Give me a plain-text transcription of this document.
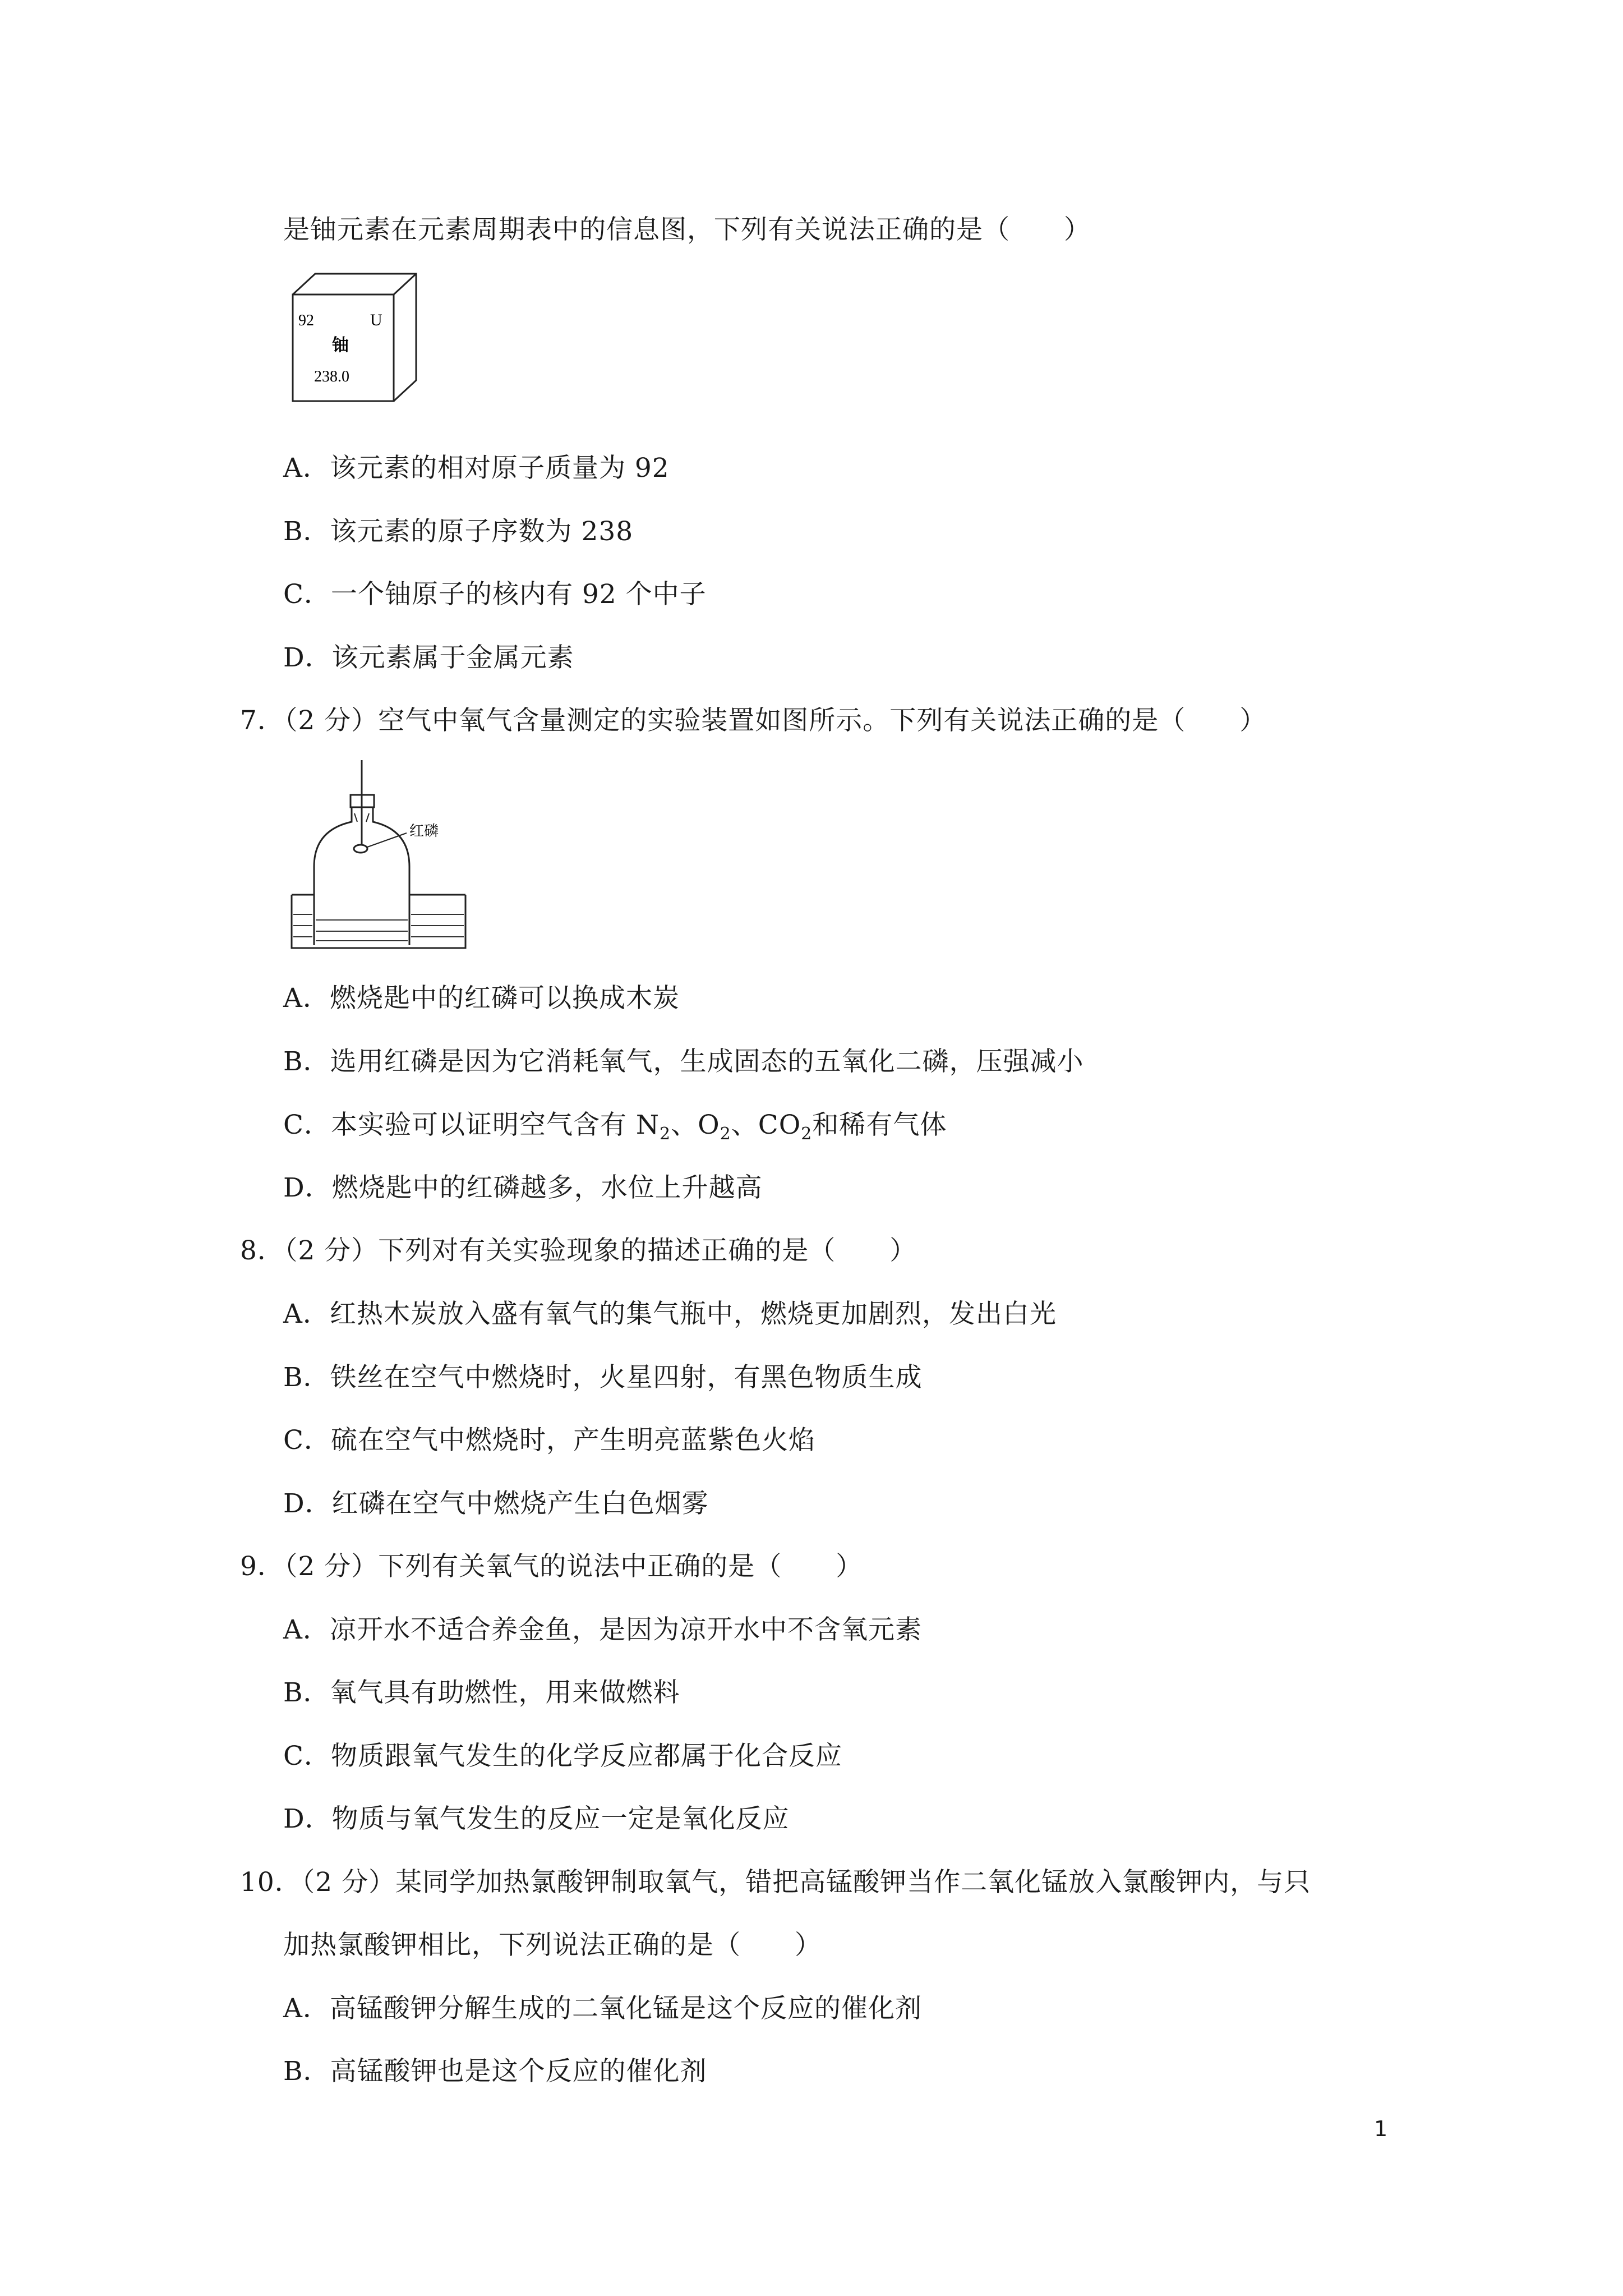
是铀元素在元素周期表中的信息图，下列有关说法正确的是（　　）
92	U
铀
238.0
A．该元素的相对原子质量为 92
B．该元素的原子序数为 238
C．一个铀原子的核内有 92 个中子
D．该元素属于金属元素
7．（2 分）空气中氧气含量测定的实验装置如图所示。下列有关说法正确的是（　　）
红磷
A．燃烧匙中的红磷可以换成木炭
B．选用红磷是因为它消耗氧气，生成固态的五氧化二磷，压强减小
C．本实验可以证明空气含有 $N_2$、$O_2$、$CO_2$和稀有气体
D．燃烧匙中的红磷越多，水位上升越高
8．（2 分）下列对有关实验现象的描述正确的是（　　）
A．红热木炭放入盛有氧气的集气瓶中，燃烧更加剧烈，发出白光
B．铁丝在空气中燃烧时，火星四射，有黑色物质生成
C．硫在空气中燃烧时，产生明亮蓝紫色火焰
D．红磷在空气中燃烧产生白色烟雾
9．（2 分）下列有关氧气的说法中正确的是（　　）
A．凉开水不适合养金鱼，是因为凉开水中不含氧元素
B．氧气具有助燃性，用来做燃料
C．物质跟氧气发生的化学反应都属于化合反应
D．物质与氧气发生的反应一定是氧化反应
10．（2 分）某同学加热氯酸钾制取氧气，错把高锰酸钾当作二氧化锰放入氯酸钾内，与只
加热氯酸钾相比，下列说法正确的是（　　）
A．高锰酸钾分解生成的二氧化锰是这个反应的催化剂
B．高锰酸钾也是这个反应的催化剂
1
